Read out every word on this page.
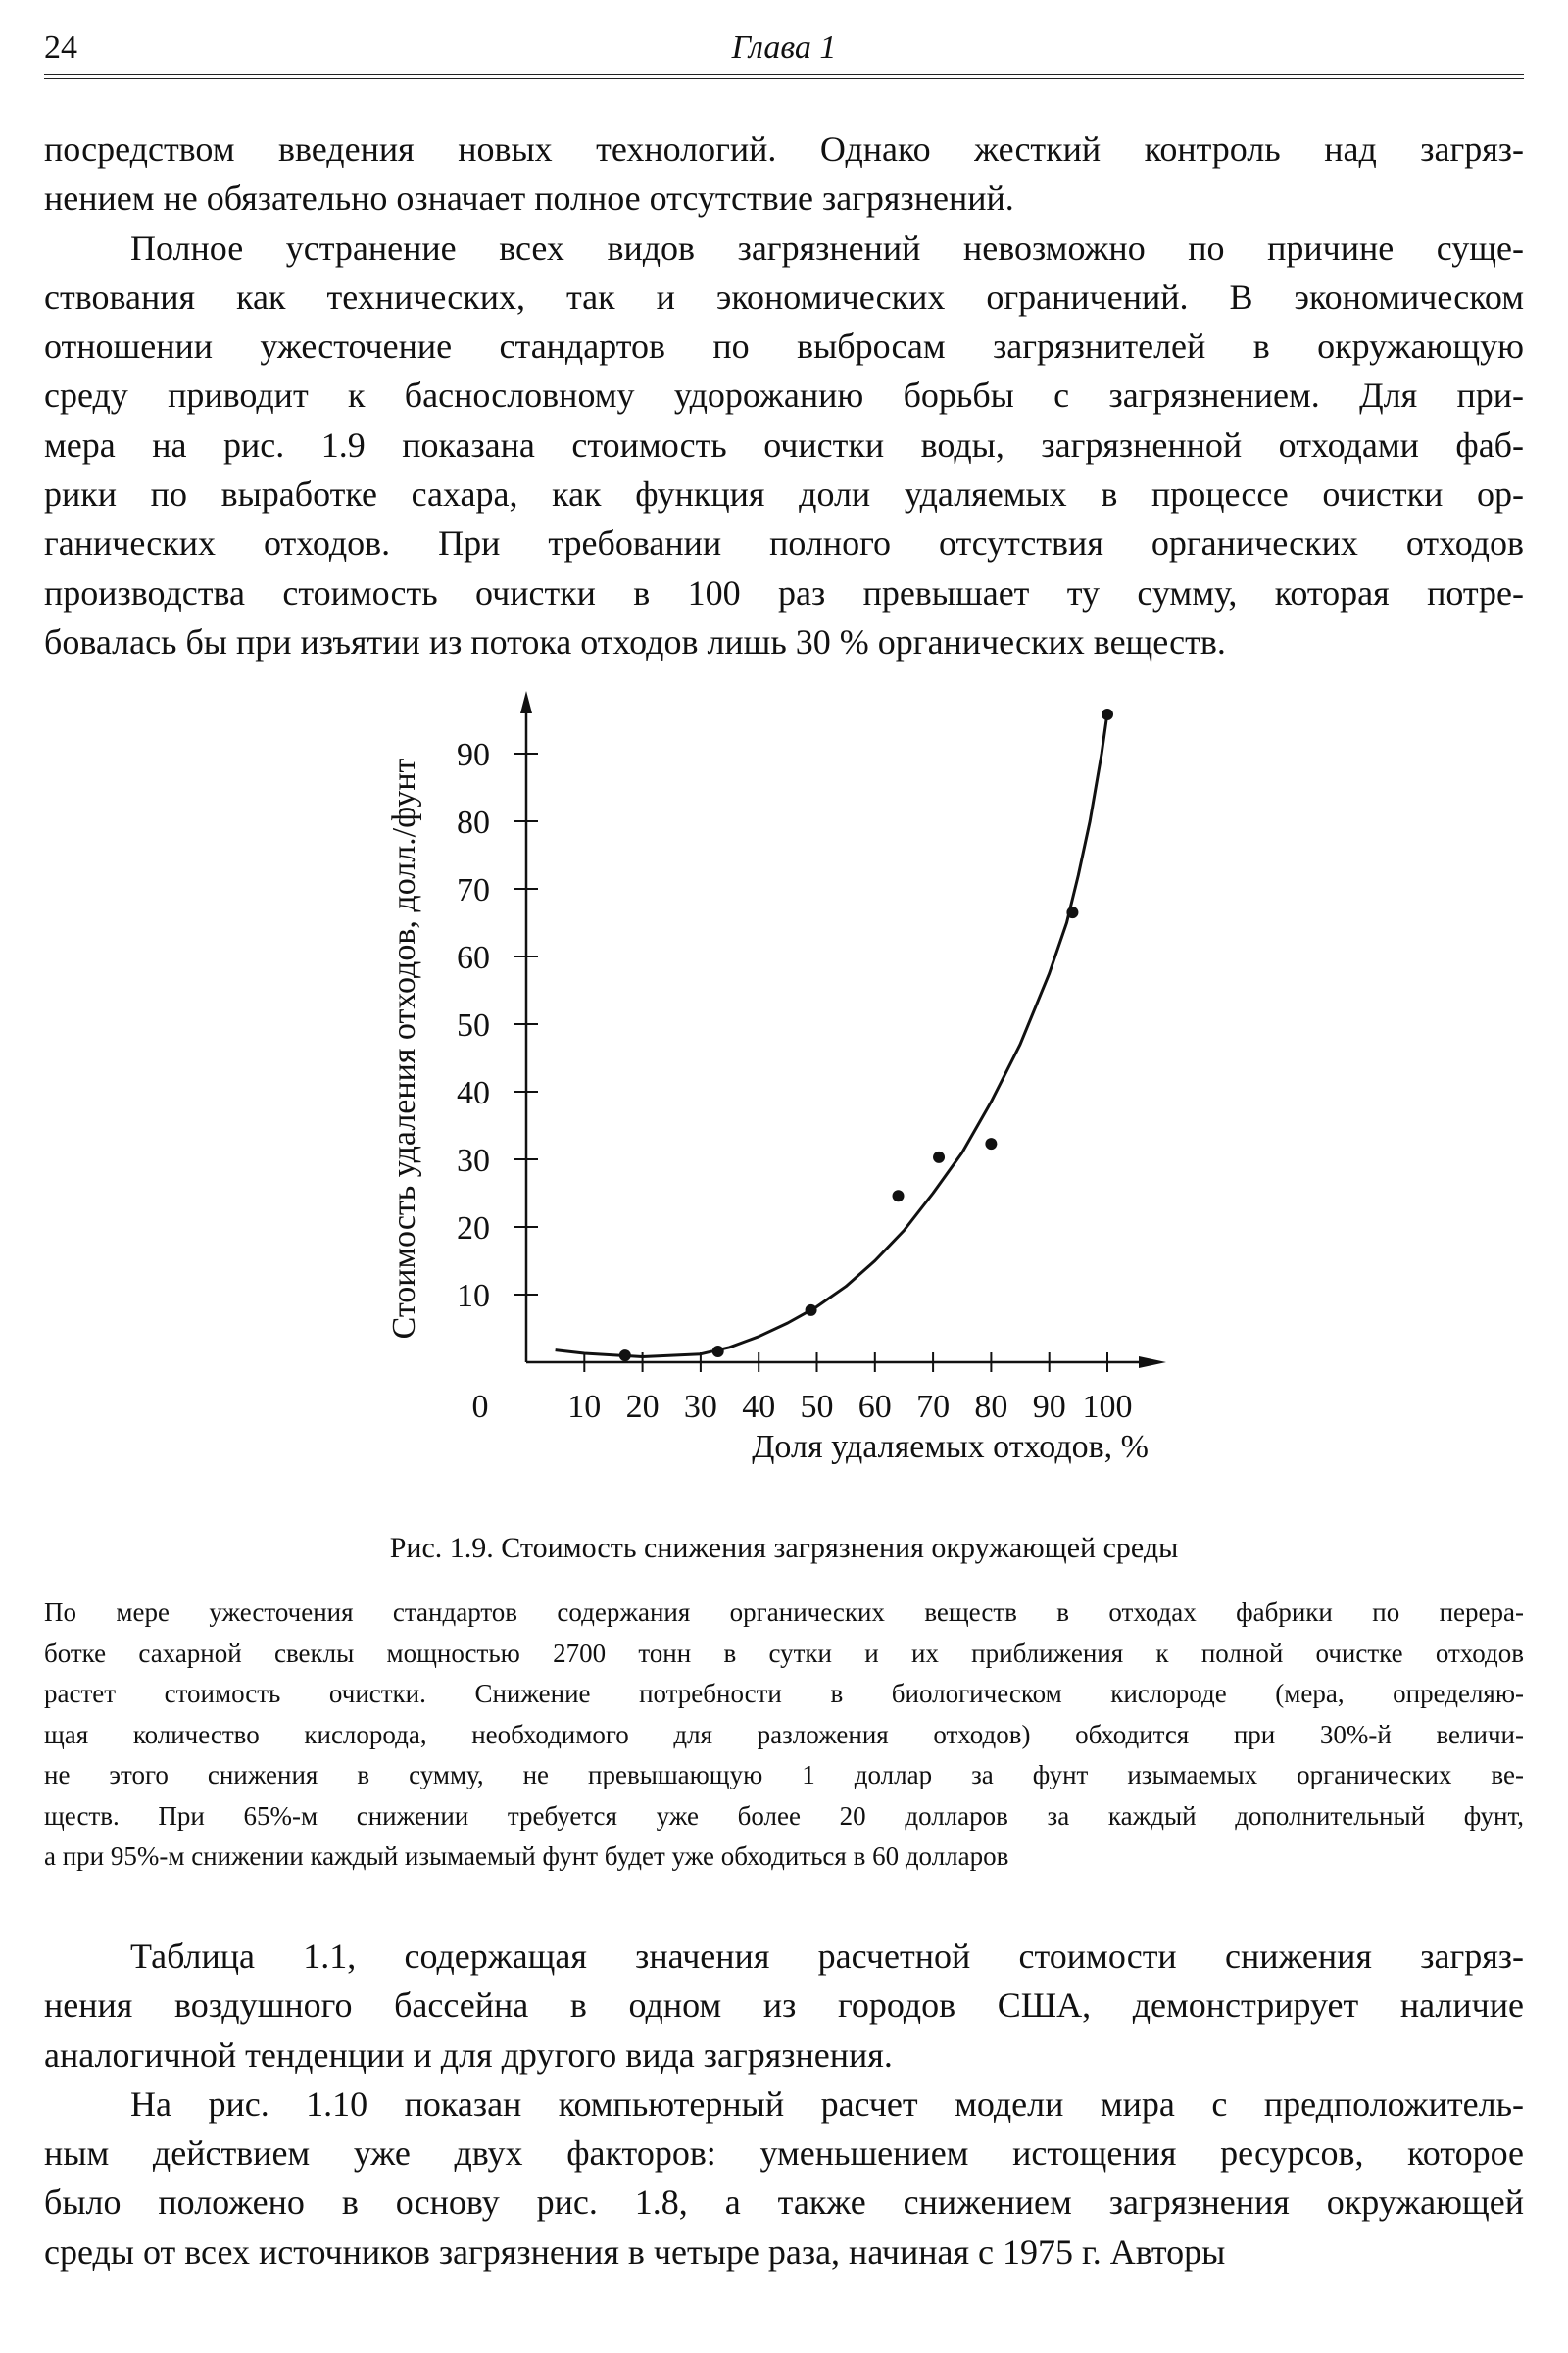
24	Глава 1
посредством введения новых технологий. Однако жесткий контроль над загряз-
нением не обязательно означает полное отсутствие загрязнений.
Полное устранение всех видов загрязнений невозможно по причине суще-
ствования как технических, так и экономических ограничений. В экономическом
отношении ужесточение стандартов по выбросам загрязнителей в окружающую
среду приводит к баснословному удорожанию борьбы с загрязнением. Для при-
мера на рис. 1.9 показана стоимость очистки воды, загрязненной отходами фаб-
рики по выработке сахара, как функция доли удаляемых в процессе очистки ор-
ганических отходов. При требовании полного отсутствия органических отходов
производства стоимость очистки в 100 раз превышает ту сумму, которая потре-
бовалась бы при изъятии из потока отходов лишь 30 % органических веществ.
10
20
30
40
50
60
70
80
90
10 20 30 40 50 60 70 80 90 100
0
Доля удаляемых отходов, %
Стоимость удаления отходов, долл./фунт
Рис. 1.9. Стоимость снижения загрязнения окружающей среды
По мере ужесточения стандартов содержания органических веществ в отходах фабрики по перера-
ботке сахарной свеклы мощностью 2700 тонн в сутки и их приближения к полной очистке отходов
растет стоимость очистки. Снижение потребности в биологическом кислороде (мера, определяю-
щая количество кислорода, необходимого для разложения отходов) обходится при 30%-й величи-
не этого снижения в сумму, не превышающую 1 доллар за фунт изымаемых органических ве-
ществ. При 65%-м снижении требуется уже более 20 долларов за каждый дополнительный фунт,
а при 95%-м снижении каждый изымаемый фунт будет уже обходиться в 60 долларов
Таблица 1.1, содержащая значения расчетной стоимости снижения загряз-
нения воздушного бассейна в одном из городов США, демонстрирует наличие
аналогичной тенденции и для другого вида загрязнения.
На рис. 1.10 показан компьютерный расчет модели мира с предположитель-
ным действием уже двух факторов: уменьшением истощения ресурсов, которое
было положено в основу рис. 1.8, а также снижением загрязнения окружающей
среды от всех источников загрязнения в четыре раза, начиная с 1975 г. Авторы
